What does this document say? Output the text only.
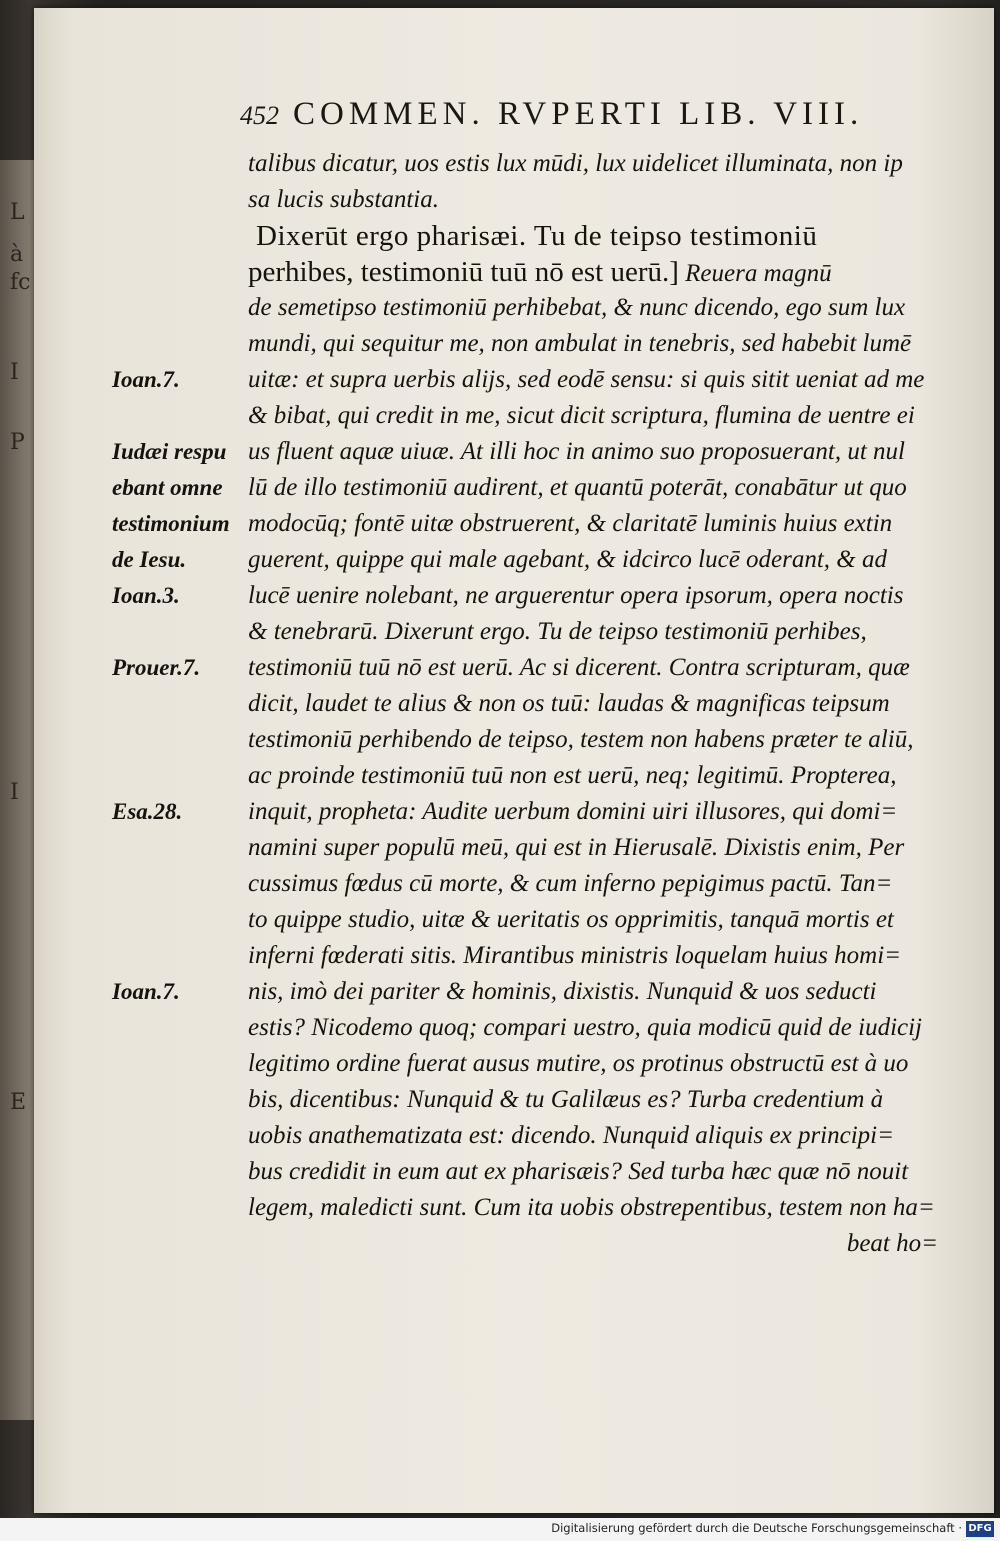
L
à
fc
I
P
I
E
452 COMMEN. RVPERTI LIB. VIII.
talibus dicatur, uos estis lux mūdi, lux uidelicet illuminata, non ip
sa lucis substantia.
Dixerūt ergo pharisæi. Tu de teipso testimoniū
perhibes, testimoniū tuū nō est uerū.] Reuera magnū
de semetipso testimoniū perhibebat, & nunc dicendo, ego sum lux
mundi, qui sequitur me, non ambulat in tenebris, sed habebit lumē
uitæ: et supra uerbis alijs, sed eodē sensu: si quis sitit ueniat ad me
& bibat, qui credit in me, sicut dicit scriptura, flumina de uentre ei
us fluent aquæ uiuæ. At illi hoc in animo suo proposuerant, ut nul
lū de illo testimoniū audirent, et quantū poterāt, conabātur ut quo
modocūq; fontē uitæ obstruerent, & claritatē luminis huius extin
guerent, quippe qui male agebant, & idcirco lucē oderant, & ad
lucē uenire nolebant, ne arguerentur opera ipsorum, opera noctis
& tenebrarū. Dixerunt ergo. Tu de teipso testimoniū perhibes,
testimoniū tuū nō est uerū. Ac si dicerent. Contra scripturam, quæ
dicit, laudet te alius & non os tuū: laudas & magnificas teipsum
testimoniū perhibendo de teipso, testem non habens præter te aliū,
ac proinde testimoniū tuū non est uerū, neq; legitimū. Propterea,
inquit, propheta: Audite uerbum domini uiri illusores, qui domi=
namini super populū meū, qui est in Hierusalē. Dixistis enim, Per
cussimus fœdus cū morte, & cum inferno pepigimus pactū. Tan=
to quippe studio, uitæ & ueritatis os opprimitis, tanquā mortis et
inferni fœderati sitis. Mirantibus ministris loquelam huius homi=
nis, imò dei pariter & hominis, dixistis. Nunquid & uos seducti
estis? Nicodemo quoq; compari uestro, quia modicū quid de iudicij
legitimo ordine fuerat ausus mutire, os protinus obstructū est à uo
bis, dicentibus: Nunquid & tu Galilæus es? Turba credentium à
uobis anathematizata est: dicendo. Nunquid aliquis ex principi=
bus credidit in eum aut ex pharisæis? Sed turba hæc quæ nō nouit
legem, maledicti sunt. Cum ita uobis obstrepentibus, testem non ha=
beat ho=
Ioan.7.
Iudæi respu
ebant omne
testimonium
de Iesu.
Ioan.3.
Prouer.7.
Esa.28.
Ioan.7.
Digitalisierung gefördert durch die Deutsche Forschungsgemeinschaft · DFG
